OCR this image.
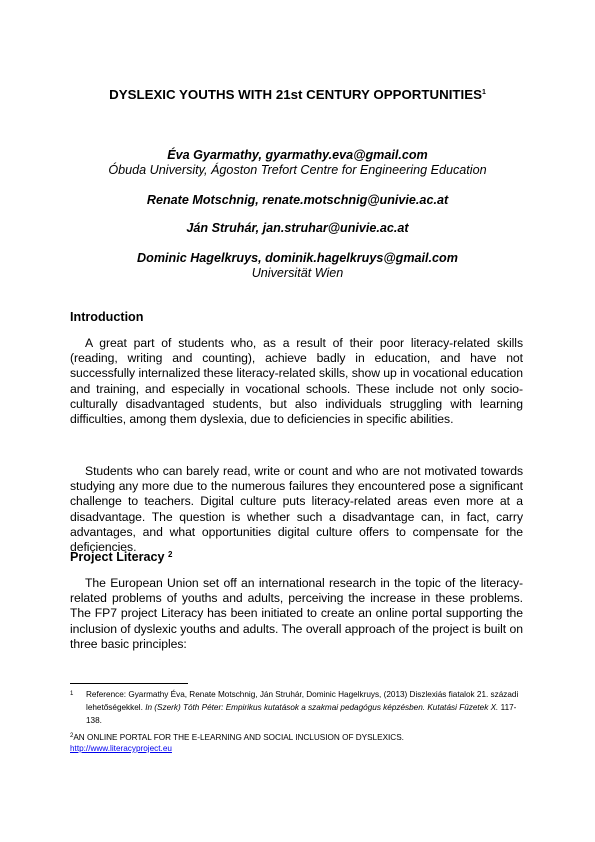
DYSLEXIC YOUTHS WITH 21st CENTURY OPPORTUNITIES$^1$
Éva Gyarmathy, gyarmathy.eva@gmail.com
Óbuda University, Ágoston Trefort Centre for Engineering Education
Renate Motschnig, renate.motschnig@univie.ac.at
Ján Struhár, jan.struhar@univie.ac.at
Dominic Hagelkruys, dominik.hagelkruys@gmail.com
Universität Wien
Introduction

A great part of students who, as a result of their poor literacy-related skills (reading, writing and counting), achieve badly in education, and have not successfully internalized these literacy-related skills, show up in vocational education and training, and especially in vocational schools. These include not only socio-culturally disadvantaged students, but also individuals struggling with learning difficulties, among them dyslexia, due to deficiencies in specific abilities.

Students who can barely read, write or count and who are not motivated towards studying any more due to the numerous failures they encountered pose a significant challenge to teachers. Digital culture puts literacy-related areas even more at a disadvantage. The question is whether such a disadvantage can, in fact, carry advantages, and what opportunities digital culture offers to compensate for the deficiencies.

Project Literacy $^2$

The European Union set off an international research in the topic of the literacy-related problems of youths and adults, perceiving the increase in these problems. The FP7 project Literacy has been initiated to create an online portal supporting the inclusion of dyslexic youths and adults. The overall approach of the project is built on three basic principles:

1	Reference: Gyarmathy Éva, Renate Motschnig, Ján Struhár, Dominic Hagelkruys, (2013) Diszlexiás fiatalok 21. századi lehetőségekkel. In (Szerk) Tóth Péter: Empirikus kutatások a szakmai pedagógus képzésben. Kutatási Füzetek X. 117-138.
$^2$AN ONLINE PORTAL FOR THE E-LEARNING AND SOCIAL INCLUSION OF DYSLEXICS.
http://www.literacyproject.eu
